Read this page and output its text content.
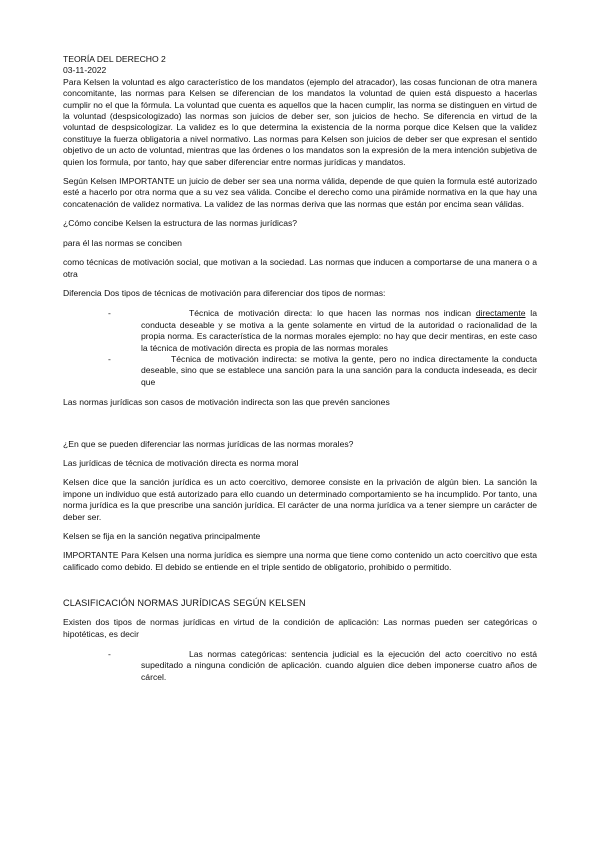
TEORÍA DEL DERECHO 2

03-11-2022

Para Kelsen la voluntad es algo característico de los mandatos (ejemplo del atracador), las cosas funcionan de otra manera concomitante, las normas para Kelsen se diferencian de los mandatos la voluntad de quien está dispuesto a hacerlas cumplir no el que la fórmula. La voluntad que cuenta es aquellos que la hacen cumplir, las norma se distinguen en virtud de la voluntad (despsicologizado) las normas son juicios de deber ser, son juicios de hecho. Se diferencia en virtud de la voluntad de despsicologizar. La validez es lo que determina la existencia de la norma porque dice Kelsen que la validez constituye la fuerza obligatoria a nivel normativo. Las normas para Kelsen son juicios de deber ser que expresan el sentido objetivo de un acto de voluntad, mientras que las órdenes o los mandatos son la expresión de la mera intención subjetiva de quien los formula, por tanto, hay que saber diferenciar entre normas jurídicas y mandatos.

Según Kelsen IMPORTANTE un juicio de deber ser sea una norma válida, depende de que quien la formula esté autorizado esté a hacerlo por otra norma que a su vez sea válida. Concibe el derecho como una pirámide normativa en la que hay una concatenación de validez normativa. La validez de las normas deriva que las normas que están por encima sean válidas.

¿Cómo concibe Kelsen la estructura de las normas jurídicas?

para él las normas se conciben

como técnicas de motivación social, que motivan a la sociedad. Las normas que inducen a comportarse de una manera o a otra

Diferencia Dos tipos de técnicas de motivación para diferenciar dos tipos de normas:

-	Técnica de motivación directa: lo que hacen las normas nos indican directamente la conducta deseable y se motiva a la gente solamente en virtud de la autoridad o racionalidad de la propia norma. Es característica de la normas morales ejemplo: no hay que decir mentiras, en este caso la técnica de motivación directa es propia de las normas morales
-	Técnica de motivación indirecta: se motiva la gente, pero no indica directamente la conducta deseable, sino que se establece una sanción para la una sanción para la conducta indeseada, es decir que

Las normas jurídicas son casos de motivación indirecta son las que prevén sanciones

¿En que se pueden diferenciar las normas jurídicas de las normas morales?

Las jurídicas de técnica de motivación directa es norma moral

Kelsen dice que la sanción jurídica es un acto coercitivo, demoree consiste en la privación de algún bien. La sanción la impone un individuo que está autorizado para ello cuando un determinado comportamiento se ha incumplido. Por tanto, una norma jurídica es la que prescribe una sanción jurídica. El carácter de una norma jurídica va a tener siempre un carácter de deber ser.

Kelsen se fija en la sanción negativa principalmente

IMPORTANTE Para Kelsen una norma jurídica es siempre una norma que tiene como contenido un acto coercitivo que esta calificado como debido. El debido se entiende en el triple sentido de obligatorio, prohibido o permitido.

CLASIFICACIÓN NORMAS JURÍDICAS SEGÚN KELSEN

Existen dos tipos de normas jurídicas en virtud de la condición de aplicación: Las normas pueden ser categóricas o hipotéticas, es decir

-	Las normas categóricas: sentencia judicial es la ejecución del acto coercitivo no está supeditado a ninguna condición de aplicación. cuando alguien dice deben imponerse cuatro años de cárcel.
